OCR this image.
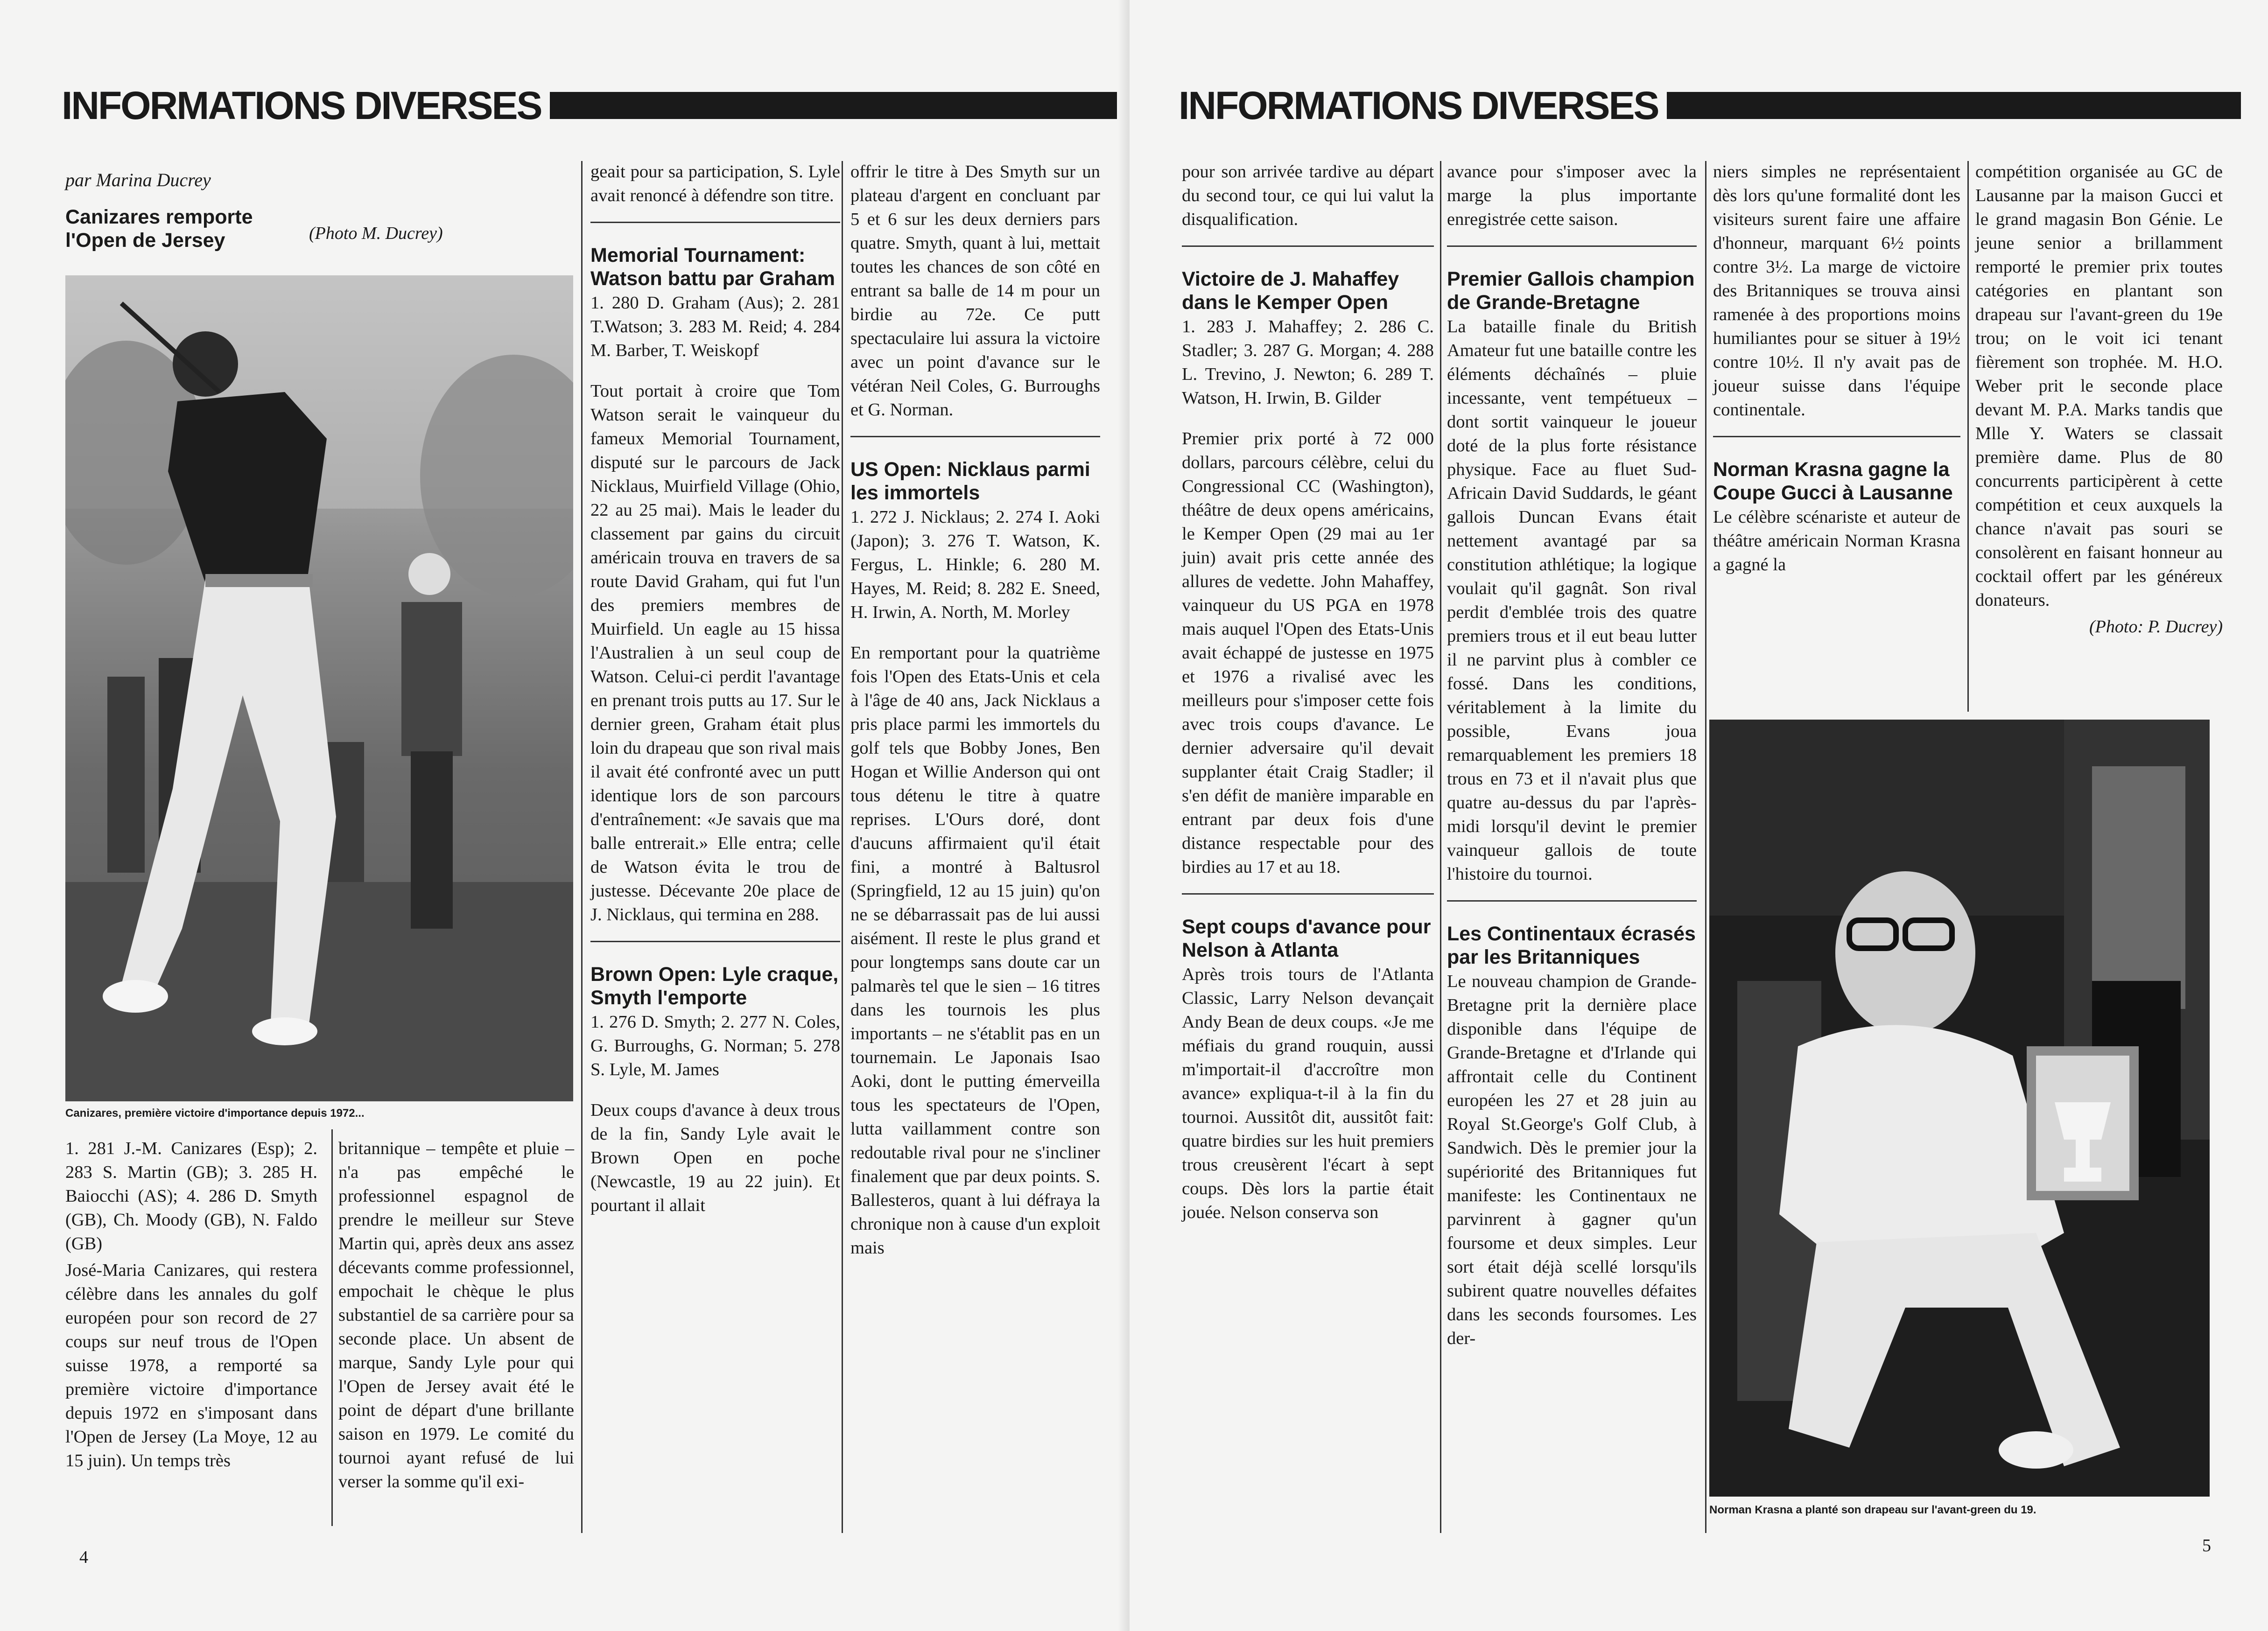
INFORMATIONS DIVERSES
par Marina Ducrey
Canizares remporte l'Open de Jersey	(Photo M. Ducrey)
Canizares, première victoire d'importance depuis 1972...

1. 281 J.-M. Canizares (Esp); 2. 283 S. Martin (GB); 3. 285 H. Baiocchi (AS); 4. 286 D. Smyth (GB), Ch. Moody (GB), N. Faldo (GB)

José-Maria Canizares, qui restera célèbre dans les annales du golf européen pour son record de 27 coups sur neuf trous de l'Open suisse 1978, a remporté sa première victoire d'importance depuis 1972 en s'imposant dans l'Open de Jersey (La Moye, 12 au 15 juin). Un temps très

britannique – tempête et pluie – n'a pas empêché le professionnel espagnol de prendre le meilleur sur Steve Martin qui, après deux ans assez décevants comme professionnel, empochait le chèque le plus substantiel de sa carrière pour sa seconde place. Un absent de marque, Sandy Lyle pour qui l'Open de Jersey avait été le point de départ d'une brillante saison en 1979. Le comité du tournoi ayant refusé de lui verser la somme qu'il exi-

geait pour sa participation, S. Lyle avait renoncé à défendre son titre.

Memorial Tournament: Watson battu par Graham

1. 280 D. Graham (Aus); 2. 281 T.Watson; 3. 283 M. Reid; 4. 284 M. Barber, T. Weiskopf

Tout portait à croire que Tom Watson serait le vainqueur du fameux Memorial Tournament, disputé sur le parcours de Jack Nicklaus, Muirfield Village (Ohio, 22 au 25 mai). Mais le leader du classement par gains du circuit américain trouva en travers de sa route David Graham, qui fut l'un des premiers membres de Muirfield. Un eagle au 15 hissa l'Australien à un seul coup de Watson. Celui-ci perdit l'avantage en prenant trois putts au 17. Sur le dernier green, Graham était plus loin du drapeau que son rival mais il avait été confronté avec un putt identique lors de son parcours d'entraînement: «Je savais que ma balle entrerait.» Elle entra; celle de Watson évita le trou de justesse. Décevante 20e place de J. Nicklaus, qui termina en 288.

Brown Open: Lyle craque, Smyth l'emporte

1. 276 D. Smyth; 2. 277 N. Coles, G. Burroughs, G. Norman; 5. 278 S. Lyle, M. James

Deux coups d'avance à deux trous de la fin, Sandy Lyle avait le Brown Open en poche (Newcastle, 19 au 22 juin). Et pourtant il allait

offrir le titre à Des Smyth sur un plateau d'argent en concluant par 5 et 6 sur les deux derniers pars quatre. Smyth, quant à lui, mettait toutes les chances de son côté en entrant sa balle de 14 m pour un birdie au 72e. Ce putt spectaculaire lui assura la victoire avec un point d'avance sur le vétéran Neil Coles, G. Burroughs et G. Norman.

US Open: Nicklaus parmi les immortels

1. 272 J. Nicklaus; 2. 274 I. Aoki (Japon); 3. 276 T. Watson, K. Fergus, L. Hinkle; 6. 280 M. Hayes, M. Reid; 8. 282 E. Sneed, H. Irwin, A. North, M. Morley

En remportant pour la quatrième fois l'Open des Etats-Unis et cela à l'âge de 40 ans, Jack Nicklaus a pris place parmi les immortels du golf tels que Bobby Jones, Ben Hogan et Willie Anderson qui ont tous détenu le titre à quatre reprises. L'Ours doré, dont d'aucuns affirmaient qu'il était fini, a montré à Baltusrol (Springfield, 12 au 15 juin) qu'on ne se débarrassait pas de lui aussi aisément. Il reste le plus grand et pour longtemps sans doute car un palmarès tel que le sien – 16 titres dans les tournois les plus importants – ne s'établit pas en un tournemain. Le Japonais Isao Aoki, dont le putting émerveilla tous les spectateurs de l'Open, lutta vaillamment contre son redoutable rival pour ne s'incliner finalement que par deux points. S. Ballesteros, quant à lui défraya la chronique non à cause d'un exploit mais

4
INFORMATIONS DIVERSES

pour son arrivée tardive au départ du second tour, ce qui lui valut la disqualification.

Victoire de J. Mahaffey dans le Kemper Open

1. 283 J. Mahaffey; 2. 286 C. Stadler; 3. 287 G. Morgan; 4. 288 L. Trevino, J. Newton; 6. 289 T. Watson, H. Irwin, B. Gilder

Premier prix porté à 72 000 dollars, parcours célèbre, celui du Congressional CC (Washington), théâtre de deux opens américains, le Kemper Open (29 mai au 1er juin) avait pris cette année des allures de vedette. John Mahaffey, vainqueur du US PGA en 1978 mais auquel l'Open des Etats-Unis avait échappé de justesse en 1975 et 1976 a rivalisé avec les meilleurs pour s'imposer cette fois avec trois coups d'avance. Le dernier adversaire qu'il devait supplanter était Craig Stadler; il s'en défit de manière imparable en entrant par deux fois d'une distance respectable pour des birdies au 17 et au 18.

Sept coups d'avance pour Nelson à Atlanta

Après trois tours de l'Atlanta Classic, Larry Nelson devançait Andy Bean de deux coups. «Je me méfiais du grand rouquin, aussi m'importait-il d'accroître mon avance» expliqua-t-il à la fin du tournoi. Aussitôt dit, aussitôt fait: quatre birdies sur les huit premiers trous creusèrent l'écart à sept coups. Dès lors la partie était jouée. Nelson conserva son

avance pour s'imposer avec la marge la plus importante enregistrée cette saison.

Premier Gallois champion de Grande-Bretagne

La bataille finale du British Amateur fut une bataille contre les éléments déchaînés – pluie incessante, vent tempétueux – dont sortit vainqueur le joueur doté de la plus forte résistance physique. Face au fluet Sud-Africain David Suddards, le géant gallois Duncan Evans était nettement avantagé par sa constitution athlétique; la logique voulait qu'il gagnât. Son rival perdit d'emblée trois des quatre premiers trous et il eut beau lutter il ne parvint plus à combler ce fossé. Dans les conditions, véritablement à la limite du possible, Evans joua remarquablement les premiers 18 trous en 73 et il n'avait plus que quatre au-dessus du par l'après-midi lorsqu'il devint le premier vainqueur gallois de toute l'histoire du tournoi.

Les Continentaux écrasés par les Britanniques

Le nouveau champion de Grande-Bretagne prit la dernière place disponible dans l'équipe de Grande-Bretagne et d'Irlande qui affrontait celle du Continent européen les 27 et 28 juin au Royal St.George's Golf Club, à Sandwich. Dès le premier jour la supériorité des Britanniques fut manifeste: les Continentaux ne parvinrent à gagner qu'un foursome et deux simples. Leur sort était déjà scellé lorsqu'ils subirent quatre nouvelles défaites dans les seconds foursomes. Les der-

niers simples ne représentaient dès lors qu'une formalité dont les visiteurs surent faire une affaire d'honneur, marquant 6½ points contre 3½. La marge de victoire des Britanniques se trouva ainsi ramenée à des proportions moins humiliantes pour se situer à 19½ contre 10½. Il n'y avait pas de joueur suisse dans l'équipe continentale.

Norman Krasna gagne la Coupe Gucci à Lausanne

Le célèbre scénariste et auteur de théâtre américain Norman Krasna a gagné la

compétition organisée au GC de Lausanne par la maison Gucci et le grand magasin Bon Génie. Le jeune senior a brillamment remporté le premier prix toutes catégories en plantant son drapeau sur l'avant-green du 19e trou; on le voit ici tenant fièrement son trophée. M. H.O. Weber prit le seconde place devant M. P.A. Marks tandis que Mlle Y. Waters se classait première dame. Plus de 80 concurrents participèrent à cette compétition et ceux auxquels la chance n'avait pas souri se consolèrent en faisant honneur au cocktail offert par les généreux donateurs.

(Photo: P. Ducrey)

Norman Krasna a planté son drapeau sur l'avant-green du 19.
5
